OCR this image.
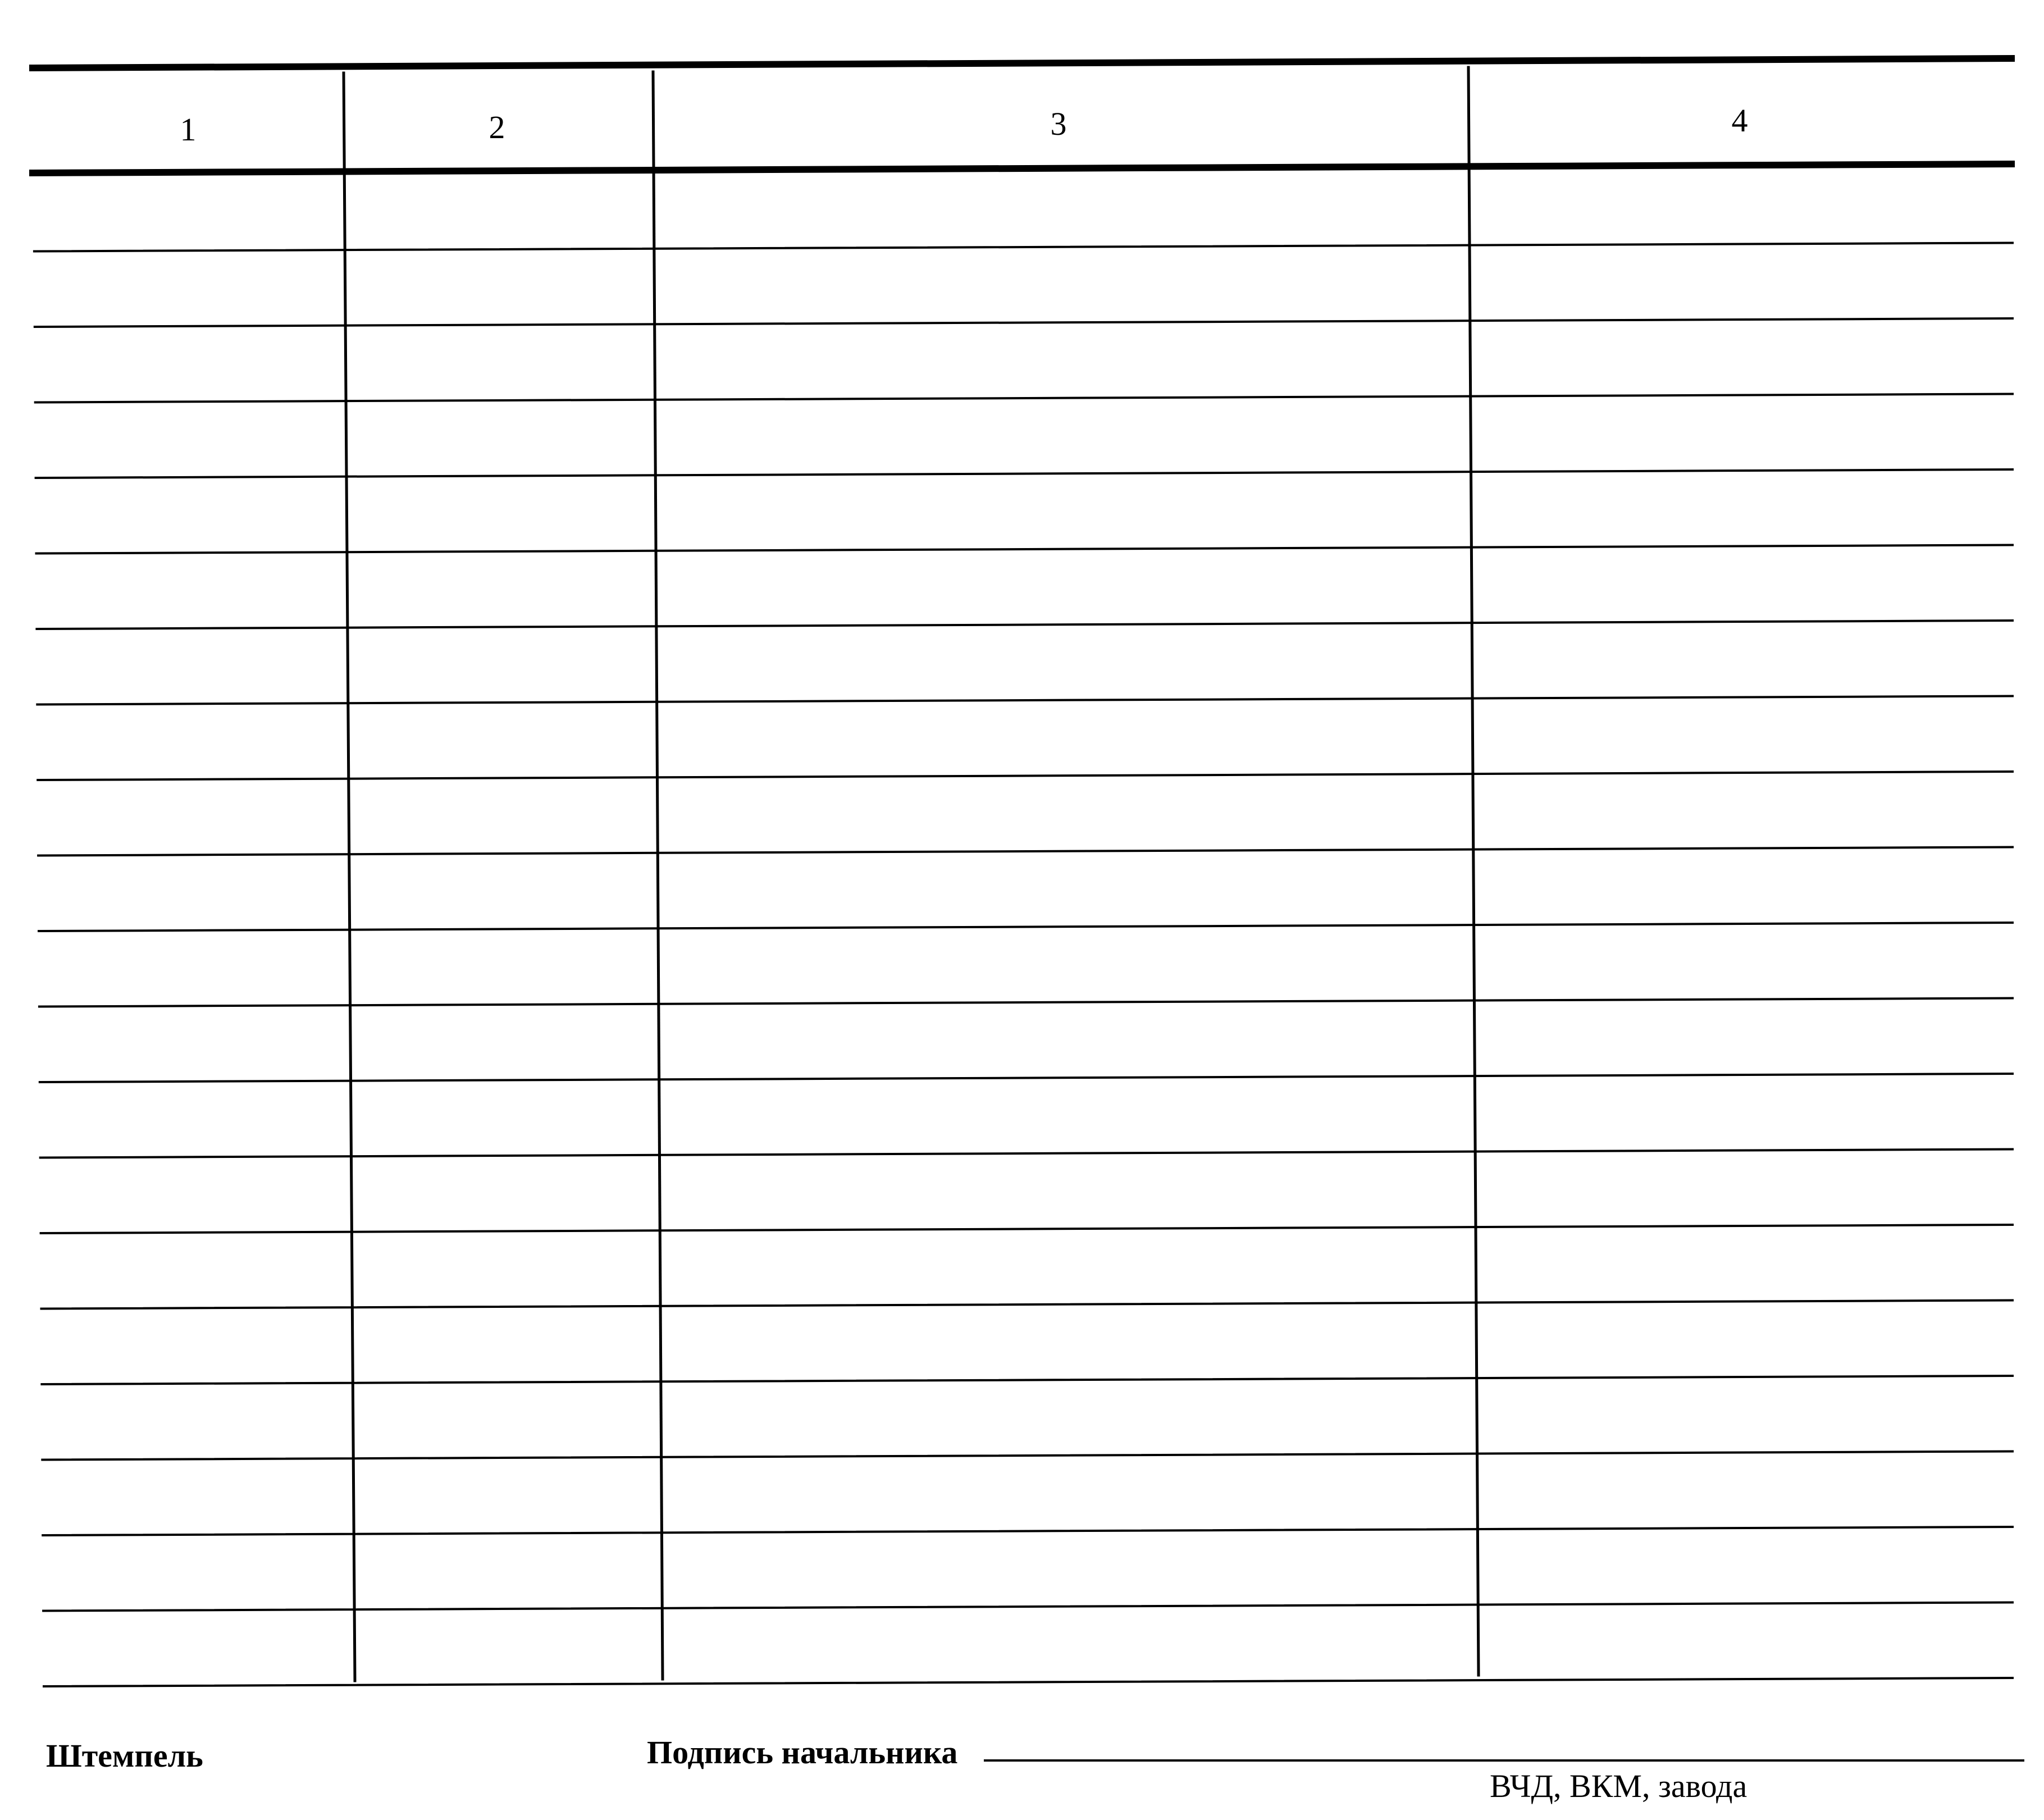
1	2	3	4
Штемпель	Подпись начальника
ВЧД, ВКМ, завода
